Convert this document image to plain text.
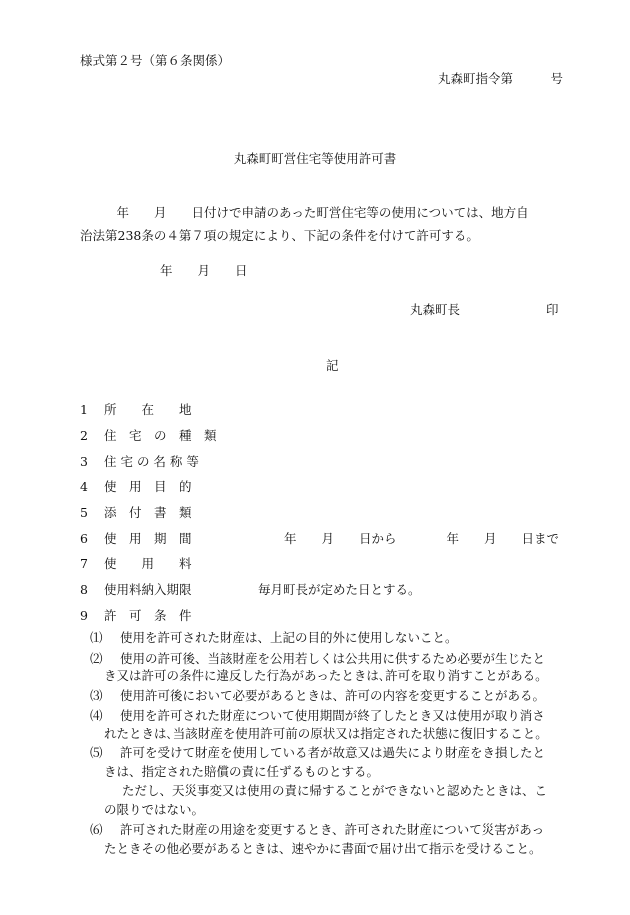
様式第２号（第６条関係）
丸森町指令第　　　号
丸森町町営住宅等使用許可書
　年　　月　　日付けで申請のあった町営住宅等の使用については、地方自
治法第238条の４第７項の規定により、下記の条件を付けて許可する。
年　　月　　日
丸森町長	印
記
1 所　　在　　地
2 住　宅　の　種　類
3 住 宅 の 名 称 等
4 使　用　目　的
5 添　付　書　類
6 使　用　期　間	年　　月　　日から　　　　年　　月　　日まで
7 使　　用　　料
8 使用料納入期限	毎月町長が定めた日とする。
9 許　可　条　件
⑴ 使用を許可された財産は、上記の目的外に使用しないこと。
⑵ 使用の許可後、当該財産を公用若しくは公共用に供するため必要が生じたと
き又は許可の条件に違反した行為があったときは､許可を取り消すことがある。
⑶ 使用許可後において必要があるときは、許可の内容を変更することがある。
⑷ 使用を許可された財産について使用期間が終了したとき又は使用が取り消さ
れたときは､当該財産を使用許可前の原状又は指定された状態に復旧すること。
⑸ 許可を受けて財産を使用している者が故意又は過失により財産をき損したと
きは、指定された賠償の責に任ずるものとする。
ただし、天災事変又は使用の責に帰することができないと認めたときは、こ
の限りではない。
⑹ 許可された財産の用途を変更するとき、許可された財産について災害があっ
たときその他必要があるときは、速やかに書面で届け出て指示を受けること。
